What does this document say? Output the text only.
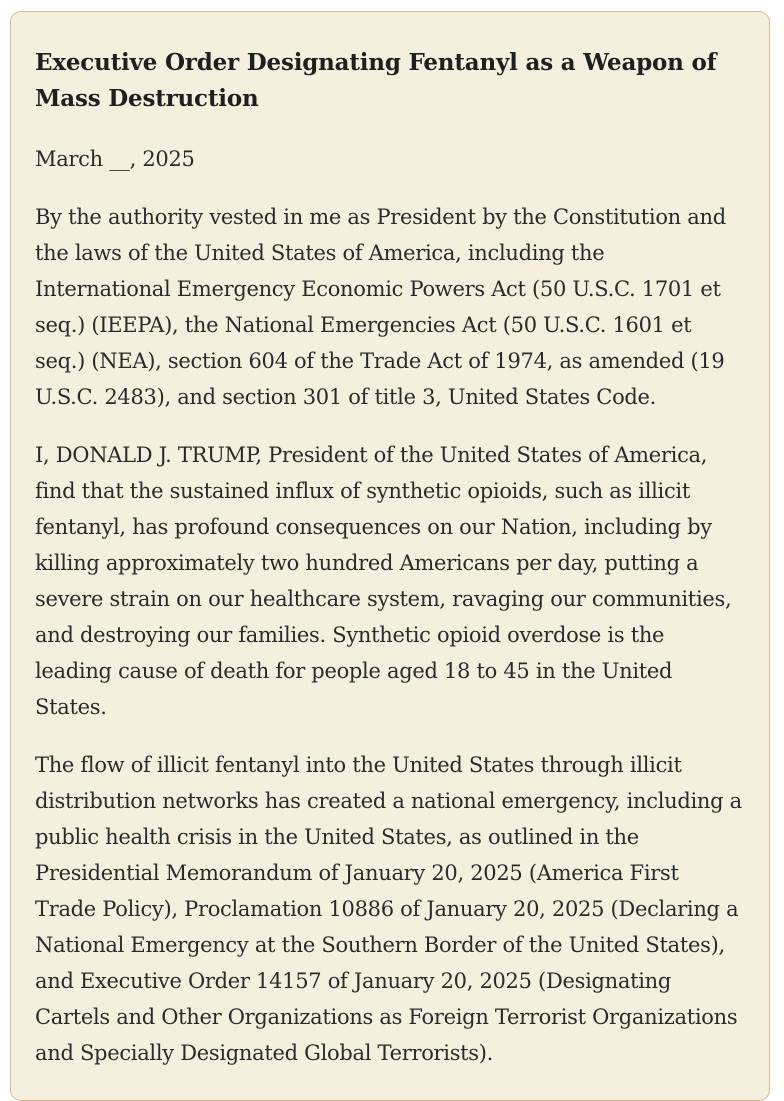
Executive Order Designating Fentanyl as a Weapon of Mass Destruction

March __, 2025

By the authority vested in me as President by the Constitution and the laws of the United States of America, including the International Emergency Economic Powers Act (50 U.S.C. 1701 et seq.) (IEEPA), the National Emergencies Act (50 U.S.C. 1601 et seq.) (NEA), section 604 of the Trade Act of 1974, as amended (19 U.S.C. 2483), and section 301 of title 3, United States Code.

I, DONALD J. TRUMP, President of the United States of America, find that the sustained influx of synthetic opioids, such as illicit fentanyl, has profound consequences on our Nation, including by killing approximately two hundred Americans per day, putting a severe strain on our healthcare system, ravaging our communities, and destroying our families. Synthetic opioid overdose is the leading cause of death for people aged 18 to 45 in the United States.

The flow of illicit fentanyl into the United States through illicit distribution networks has created a national emergency, including a public health crisis in the United States, as outlined in the Presidential Memorandum of January 20, 2025 (America First Trade Policy), Proclamation 10886 of January 20, 2025 (Declaring a National Emergency at the Southern Border of the United States), and Executive Order 14157 of January 20, 2025 (Designating Cartels and Other Organizations as Foreign Terrorist Organizations and Specially Designated Global Terrorists).
